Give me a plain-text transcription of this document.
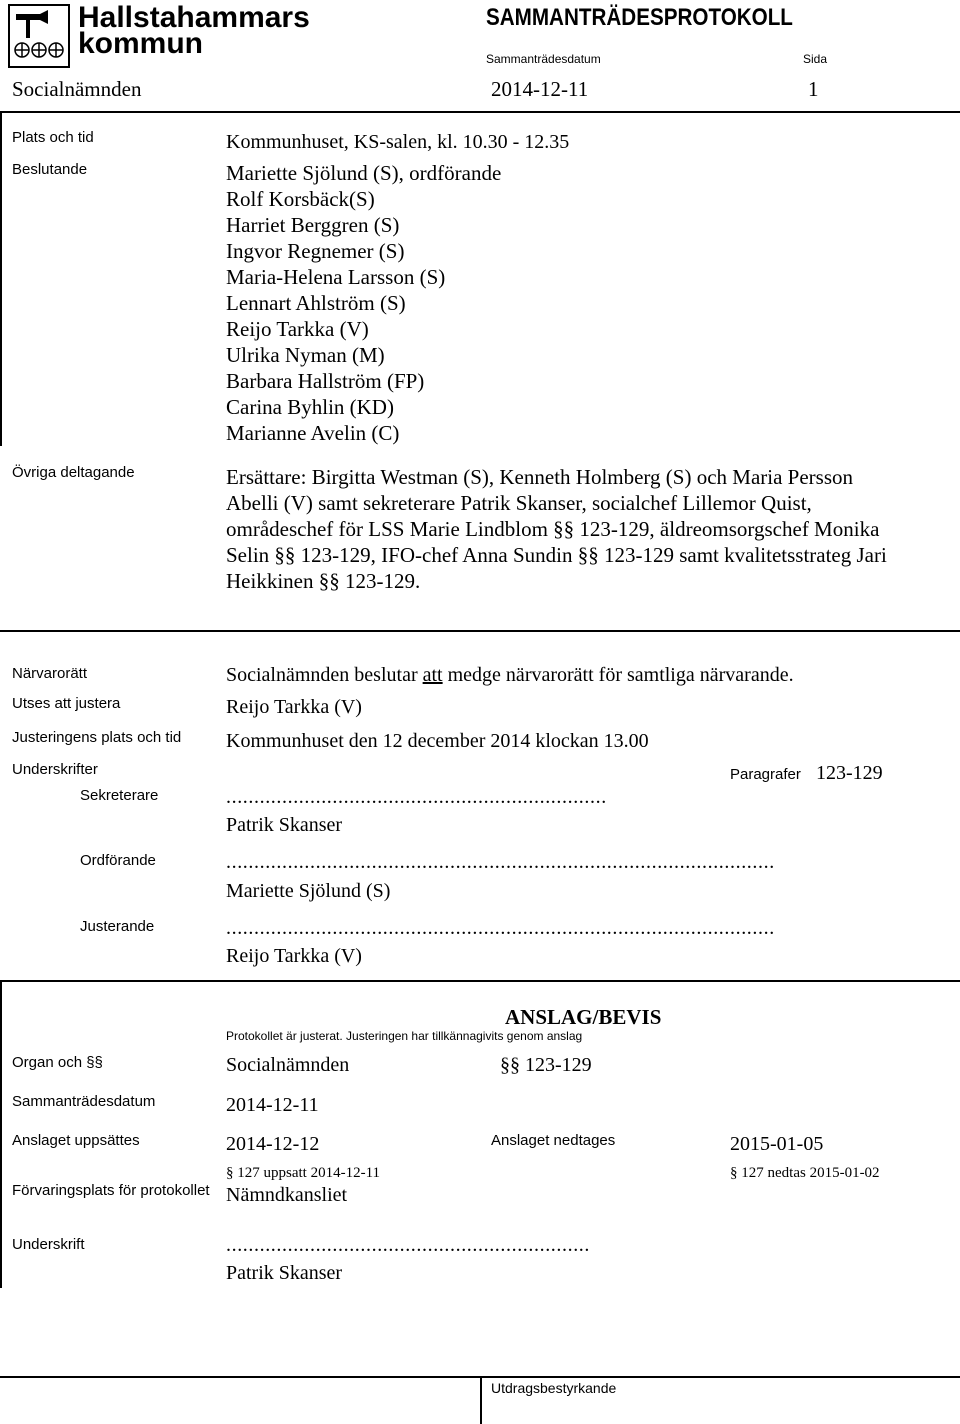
Hallstahammars
kommun
SAMMANTRÄDESPROTOKOLL
Sammanträdesdatum	Sida
Socialnämnden	2014-12-11	1
Plats och tid	Kommunhuset, KS-salen, kl. 10.30 - 12.35
Beslutande	Mariette Sjölund (S), ordförande
Rolf Korsbäck(S)
Harriet Berggren (S)
Ingvor Regnemer (S)
Maria-Helena Larsson (S)
Lennart Ahlström (S)
Reijo Tarkka (V)
Ulrika Nyman (M)
Barbara Hallström (FP)
Carina Byhlin (KD)
Marianne Avelin (C)
Övriga deltagande	Ersättare: Birgitta Westman (S), Kenneth Holmberg (S) och Maria Persson
Abelli (V) samt sekreterare Patrik Skanser, socialchef Lillemor Quist,
områdeschef för LSS Marie Lindblom §§ 123-129, äldreomsorgschef Monika
Selin §§ 123-129, IFO-chef Anna Sundin §§ 123-129 samt kvalitetsstrateg Jari
Heikkinen §§ 123-129.
Närvarorätt	Socialnämnden beslutar att medge närvarorätt för samtliga närvarande.
Utses att justera	Reijo Tarkka (V)
Justeringens plats och tid Kommunhuset den 12 december 2014 klockan 13.00
Underskrifter	Paragrafer 123-129
Sekreterare	....................................................................
Patrik Skanser
Ordförande	..................................................................................................
Mariette Sjölund (S)
Justerande	..................................................................................................
Reijo Tarkka (V)
ANSLAG/BEVIS
Protokollet är justerat. Justeringen har tillkännagivits genom anslag
Organ och §§	Socialnämnden	§§ 123-129
Sammanträdesdatum	2014-12-11
Anslaget uppsättes	2014-12-12	Anslaget nedtages	2015-01-05
§ 127 uppsatt 2014-12-11	§ 127 nedtas 2015-01-02
Förvaringsplats för protokollet Nämndkansliet
Underskrift	.................................................................
Patrik Skanser
Utdragsbestyrkande
